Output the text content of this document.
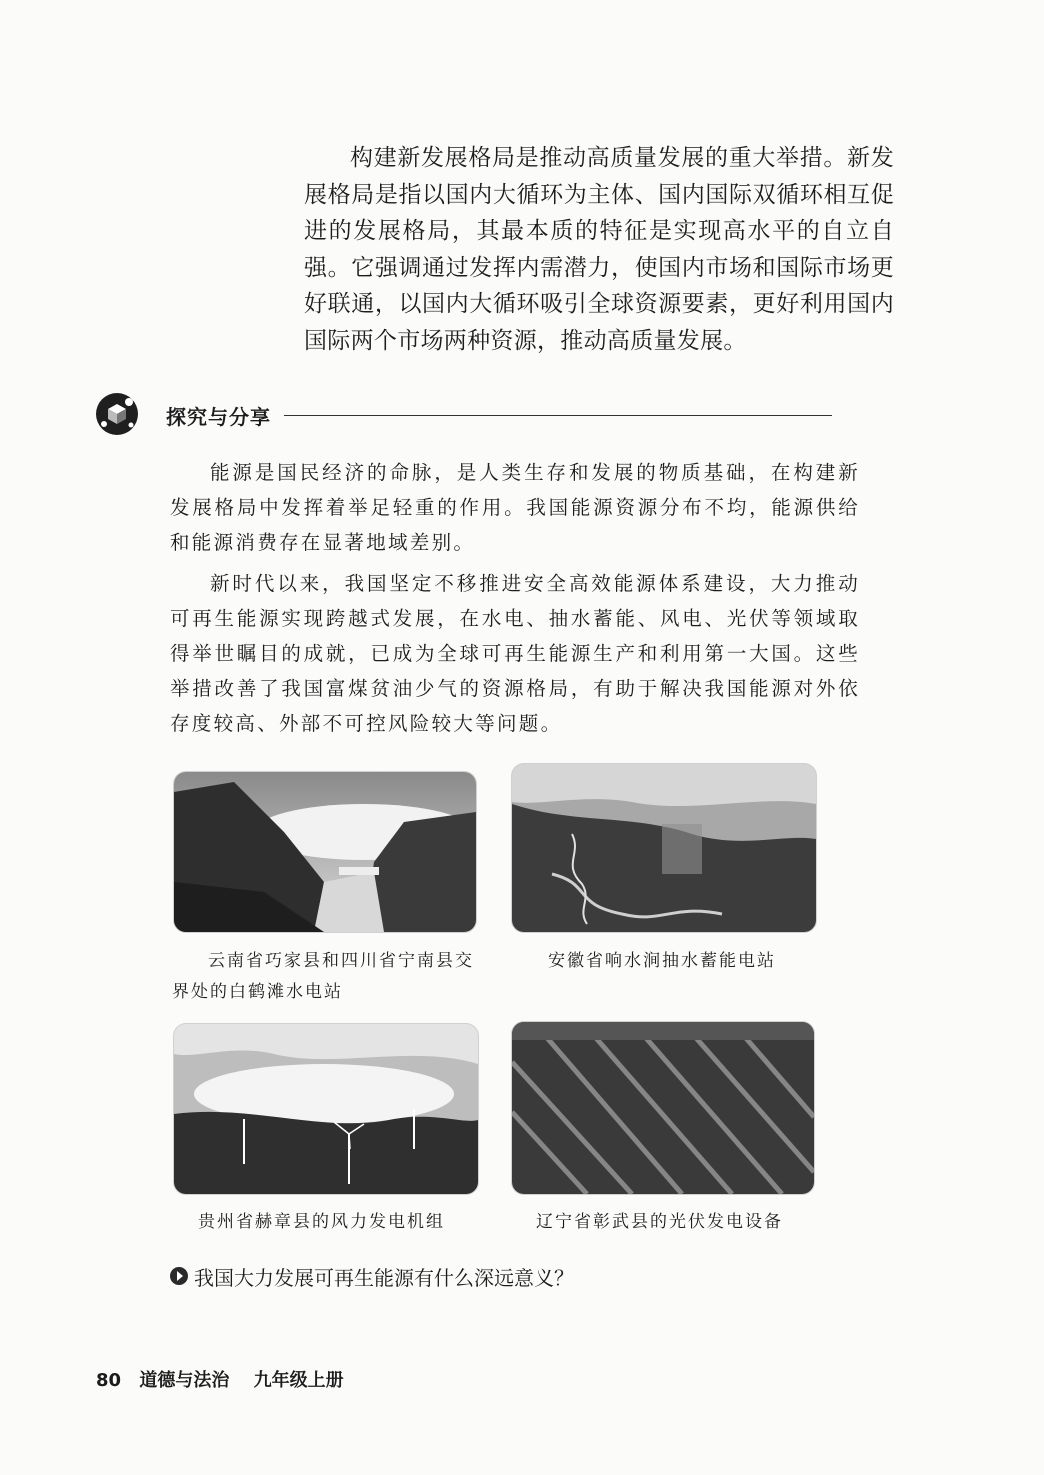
构建新发展格局是推动高质量发展的重大举措。新发展格局是指以国内大循环为主体、国内国际双循环相互促进的发展格局，其最本质的特征是实现高水平的自立自强。它强调通过发挥内需潜力，使国内市场和国际市场更好联通，以国内大循环吸引全球资源要素，更好利用国内国际两个市场两种资源，推动高质量发展。

探究与分享

能源是国民经济的命脉，是人类生存和发展的物质基础，在构建新发展格局中发挥着举足轻重的作用。我国能源资源分布不均，能源供给和能源消费存在显著地域差别。

新时代以来，我国坚定不移推进安全高效能源体系建设，大力推动可再生能源实现跨越式发展，在水电、抽水蓄能、风电、光伏等领域取得举世瞩目的成就，已成为全球可再生能源生产和利用第一大国。这些举措改善了我国富煤贫油少气的资源格局，有助于解决我国能源对外依存度较高、外部不可控风险较大等问题。

云南省巧家县和四川省宁南县交界处的白鹤滩水电站

安徽省响水涧抽水蓄能电站

贵州省赫章县的风力发电机组	辽宁省彰武县的光伏发电设备

我国大力发展可再生能源有什么深远意义？
80 道德与法治 九年级上册
